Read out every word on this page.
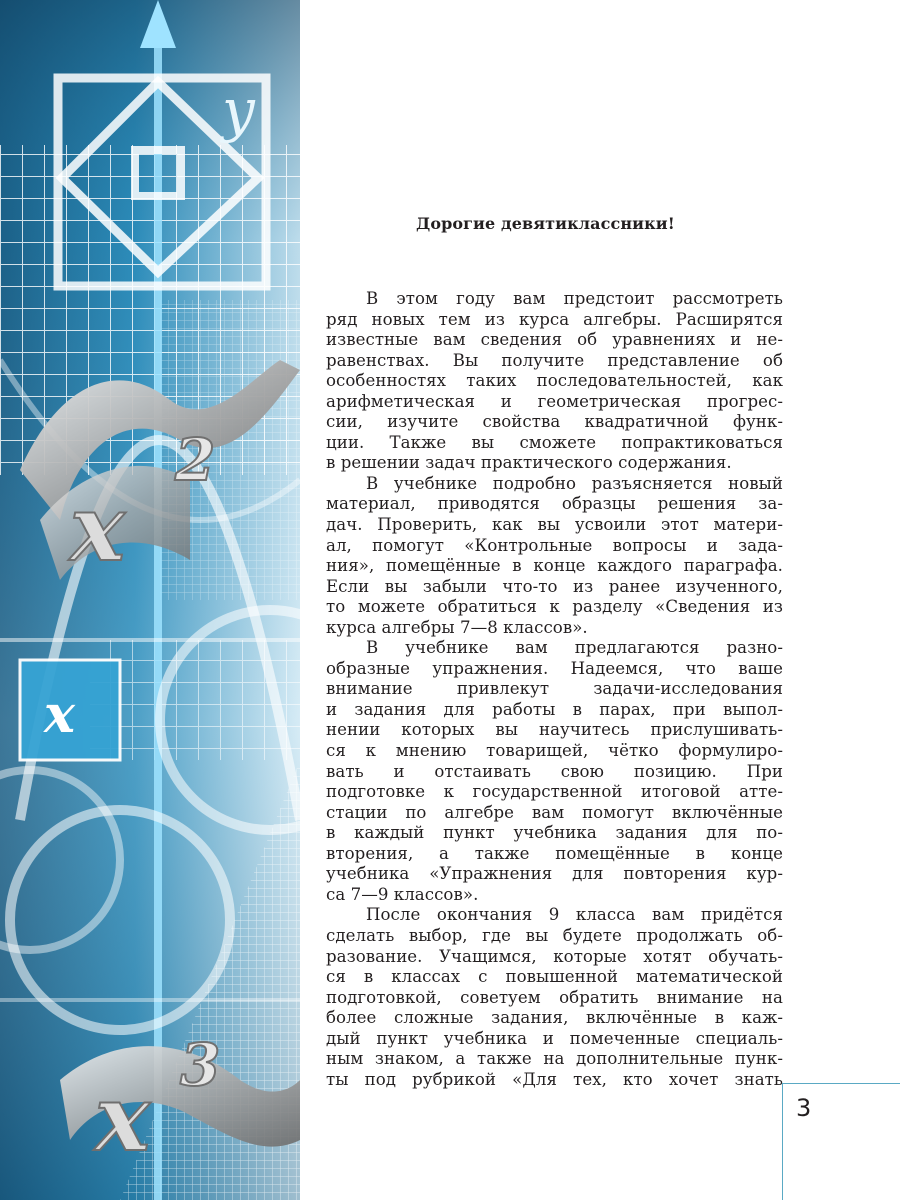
y
x
x
2
x 3
Дорогие девятиклассники!
В этом году вам предстоит рассмотреть
ряд новых тем из курса алгебры. Расширятся
известные вам сведения об уравнениях и не-
равенствах. Вы получите представление об
особенностях таких последовательностей, как
арифметическая и геометрическая прогрес-
сии, изучите свойства квадратичной функ-
ции. Также вы сможете попрактиковаться
в решении задач практического содержания.
В учебнике подробно разъясняется новый
материал, приводятся образцы решения за-
дач. Проверить, как вы усвоили этот матери-
ал, помогут «Контрольные вопросы и зада-
ния», помещённые в конце каждого параграфа.
Если вы забыли что-то из ранее изученного,
то можете обратиться к разделу «Сведения из
курса алгебры 7—8 классов».
В учебнике вам предлагаются разно-
образные упражнения. Надеемся, что ваше
внимание привлекут задачи-исследования
и задания для работы в парах, при выпол-
нении которых вы научитесь прислушивать-
ся к мнению товарищей, чётко формулиро-
вать и отстаивать свою позицию. При
подготовке к государственной итоговой атте-
стации по алгебре вам помогут включённые
в каждый пункт учебника задания для по-
вторения, а также помещённые в конце
учебника «Упражнения для повторения кур-
са 7—9 классов».
После окончания 9 класса вам придётся
сделать выбор, где вы будете продолжать об-
разование. Учащимся, которые хотят обучать-
ся в классах с повышенной математической
подготовкой, советуем обратить внимание на
более сложные задания, включённые в каж-
дый пункт учебника и помеченные специаль-
ным знаком, а также на дополнительные пунк-
ты под рубрикой «Для тех, кто хочет знать
3
